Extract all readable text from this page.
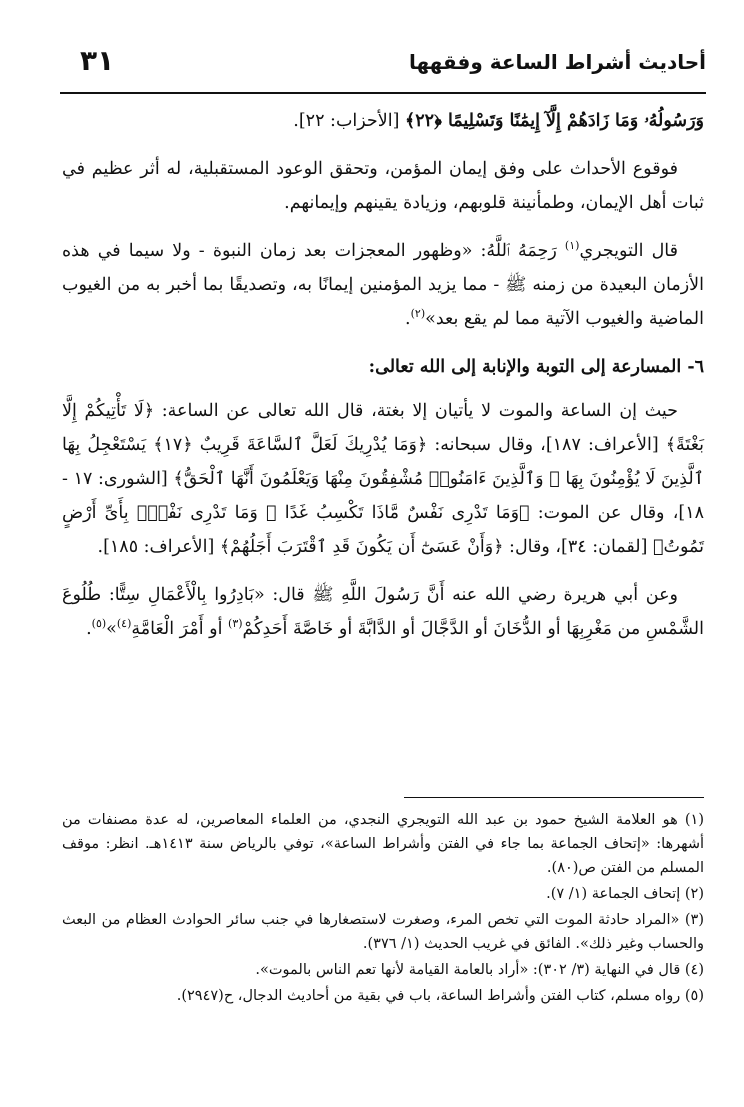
أحاديث أشراط الساعة وفقهها
٣١

وَرَسُولُهُۥ وَمَا زَادَهُمْ إِلَّآ إِيمَٰنًا وَتَسْلِيمًا ﴿٢٢﴾ [الأحزاب: ٢٢].

فوقوع الأحداث على وفق إيمان المؤمن، وتحقق الوعود المستقبلية، له أثر عظيم في ثبات أهل الإيمان، وطمأنينة قلوبهم، وزيادة يقينهم وإيمانهم.

قال التويجري$^{(١)}$ رَحِمَهُ ٱللَّهُ: «وظهور المعجزات بعد زمان النبوة - ولا سيما في هذه الأزمان البعيدة من زمنه ﷺ - مما يزيد المؤمنين إيمانًا به، وتصديقًا بما أخبر به من الغيوب الماضية والغيوب الآتية مما لم يقع بعد»$^{(٢)}$.

٦- المسارعة إلى التوبة والإنابة إلى الله تعالى:

حيث إن الساعة والموت لا يأتيان إلا بغتة، قال الله تعالى عن الساعة: ﴿لَا تَأْتِيكُمْ إِلَّا بَغْتَةً﴾ [الأعراف: ١٨٧]، وقال سبحانه: ﴿وَمَا يُدْرِيكَ لَعَلَّ ٱلسَّاعَةَ قَرِيبٌ ﴿١٧﴾ يَسْتَعْجِلُ بِهَا ٱلَّذِينَ لَا يُؤْمِنُونَ بِهَا ۖ وَٱلَّذِينَ ءَامَنُوا۟ مُشْفِقُونَ مِنْهَا وَيَعْلَمُونَ أَنَّهَا ٱلْحَقُّ﴾ [الشورى: ١٧ - ١٨]، وقال عن الموت: ﴿وَمَا تَدْرِى نَفْسٌ مَّاذَا تَكْسِبُ غَدًا ۖ وَمَا تَدْرِى نَفْسٌۢ بِأَىِّ أَرْضٍ تَمُوتُ﴾ [لقمان: ٣٤]، وقال: ﴿وَأَنْ عَسَىٰٓ أَن يَكُونَ قَدِ ٱقْتَرَبَ أَجَلُهُمْ﴾ [الأعراف: ١٨٥].

وعن أبي هريرة رضي الله عنه أَنَّ رَسُولَ اللَّهِ ﷺ قال: «بَادِرُوا بِالْأَعْمَالِ سِتًّا: طُلُوعَ الشَّمْسِ من مَغْرِبِهَا أو الدُّخَانَ أو الدَّجَّالَ أو الدَّابَّةَ أو خَاصَّةَ أَحَدِكُمْ$^{(٣)}$ أو أَمْرَ الْعَامَّةِ$^{(٤)}$»$^{(٥)}$.

(١) هو العلامة الشيخ حمود بن عبد الله التويجري النجدي، من العلماء المعاصرين، له عدة مصنفات من أشهرها: «إتحاف الجماعة بما جاء في الفتن وأشراط الساعة»، توفي بالرياض سنة ١٤١٣هـ. انظر: موقف المسلم من الفتن ص(٨٠).

(٢) إتحاف الجماعة (١/ ٧).

(٣) «المراد حادثة الموت التي تخص المرء، وصغرت لاستصغارها في جنب سائر الحوادث العظام من البعث والحساب وغير ذلك». الفائق في غريب الحديث (١/ ٣٧٦).

(٤) قال في النهاية (٣/ ٣٠٢): «أراد بالعامة القيامة لأنها تعم الناس بالموت».

(٥) رواه مسلم، كتاب الفتن وأشراط الساعة، باب في بقية من أحاديث الدجال، ح(٢٩٤٧).
